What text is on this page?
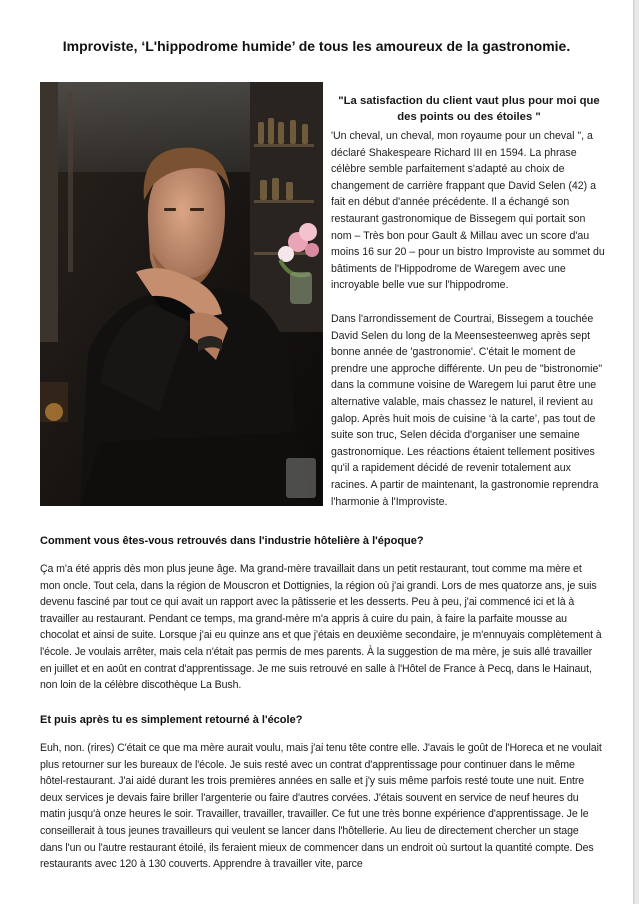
Improviste, ‘L'hippodrome humide’ de tous les amoureux de la gastronomie.

"La satisfaction du client vaut plus pour moi que des points ou des étoiles "

'Un cheval, un cheval, mon royaume pour un cheval ", a déclaré Shakespeare Richard III en 1594. La phrase célèbre semble parfaitement s'adapté au choix de changement de carrière frappant que David Selen (42) a fait en début d'année précédente. Il a échangé son restaurant gastronomique de Bissegem qui portait son nom – Très bon pour Gault & Millau avec un score d'au moins 16 sur 20 – pour un bistro Improviste au sommet du bâtiments de l'Hippodrome de Waregem avec une incroyable belle vue sur l'hippodrome.

Dans l'arrondissement de Courtrai, Bissegem a touchée David Selen du long de la Meensesteenweg après sept bonne année de 'gastronomie'. C'était le moment de prendre une approche différente. Un peu de "bistronomie" dans la commune voisine de Waregem lui parut être une alternative valable, mais chassez le naturel, il revient au galop. Après huit mois de cuisine ‘à la carte’, pas tout de suite son truc, Selen décida d'organiser une semaine gastronomique. Les réactions étaient tellement positives qu'il a rapidement décidé de revenir totalement aux racines. A partir de maintenant, la gastronomie reprendra l'harmonie à l'Improviste.

Comment vous êtes-vous retrouvés dans l'industrie hôtelière à l'époque?

Ça m'a été appris dès mon plus jeune âge. Ma grand-mère travaillait dans un petit restaurant, tout comme ma mère et mon oncle. Tout cela, dans la région de Mouscron et Dottignies, la région où j'ai grandi. Lors de mes quatorze ans, je suis devenu fasciné par tout ce qui avait un rapport avec la pâtisserie et les desserts. Peu à peu, j'ai commencé ici et là à travailler au restaurant. Pendant ce temps, ma grand-mère m'a appris à cuire du pain, à faire la parfaite mousse au chocolat et ainsi de suite. Lorsque j'ai eu quinze ans et que j'étais en deuxième secondaire, je m'ennuyais complètement à l'école. Je voulais arrêter, mais cela n'était pas permis de mes parents. À la suggestion de ma mère, je suis allé travailler en juillet et en août en contrat d'apprentissage. Je me suis retrouvé en salle à l'Hôtel de France à Pecq, dans le Hainaut, non loin de la célèbre discothèque La Bush.

Et puis après tu es simplement retourné à l'école?

Euh, non. (rires) C'était ce que ma mère aurait voulu, mais j'ai tenu tête contre elle. J'avais le goût de l'Horeca et ne voulait plus retourner sur les bureaux de l'école. Je suis resté avec un contrat d'apprentissage pour continuer dans le même hôtel-restaurant. J'ai aidé durant les trois premières années en salle et j'y suis même parfois resté toute une nuit. Entre deux services je devais faire briller l'argenterie ou faire d'autres corvées. J'étais souvent en service de neuf heures du matin jusqu'à onze heures le soir. Travailler, travailler, travailler. Ce fut une très bonne expérience d'apprentissage. Je le conseillerait à tous jeunes travailleurs qui veulent se lancer dans l'hôtellerie. Au lieu de directement chercher un stage dans l'un ou l'autre restaurant étoilé, ils feraient mieux de commencer dans un endroit où surtout la quantité compte. Des restaurants avec 120 à 130 couverts. Apprendre à travailler vite, parce
